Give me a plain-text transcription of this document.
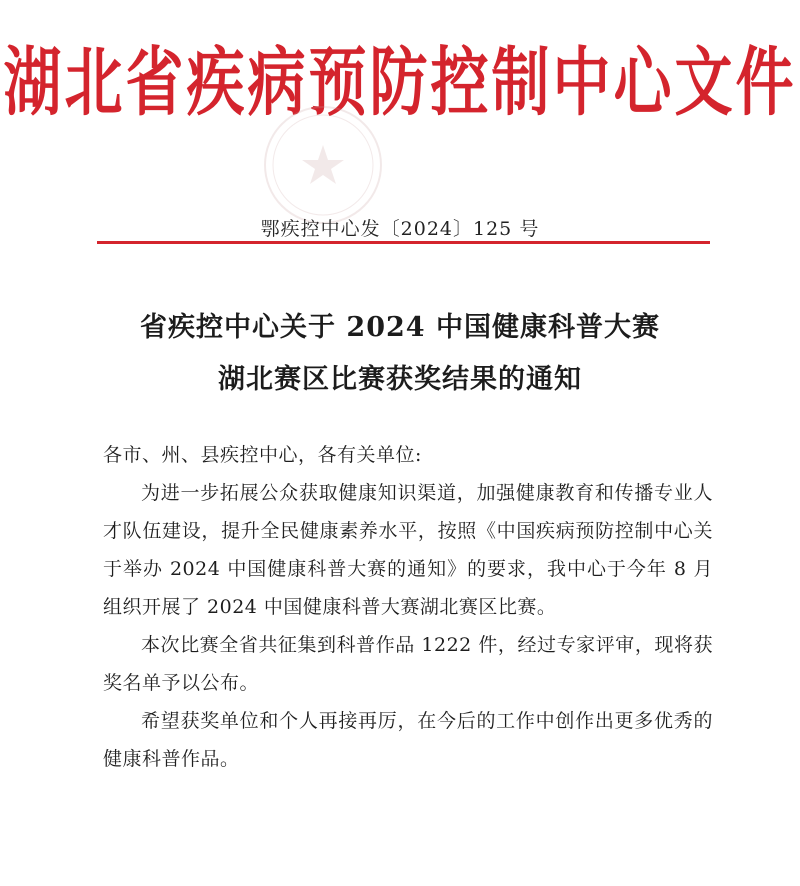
湖北省疾病预防控制中心文件
鄂疾控中心发〔2024〕125 号
省疾控中心关于 2024 中国健康科普大赛
湖北赛区比赛获奖结果的通知

各市、州、县疾控中心，各有关单位:

为进一步拓展公众获取健康知识渠道，加强健康教育和传播专业人才队伍建设，提升全民健康素养水平，按照《中国疾病预防控制中心关于举办 2024 中国健康科普大赛的通知》的要求，我中心于今年 8 月组织开展了 2024 中国健康科普大赛湖北赛区比赛。

本次比赛全省共征集到科普作品 1222 件，经过专家评审，现将获奖名单予以公布。

希望获奖单位和个人再接再厉，在今后的工作中创作出更多优秀的健康科普作品。
